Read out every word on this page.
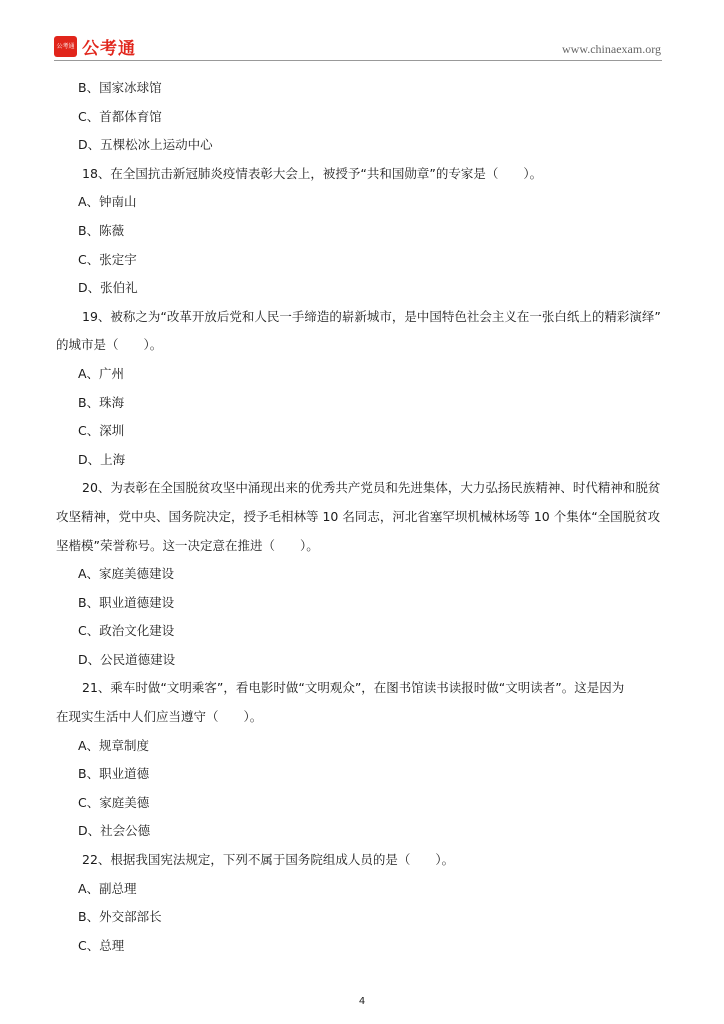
公考通 公考通	www.chinaexam.org
B、国家冰球馆
C、首都体育馆
D、五棵松冰上运动中心
18、在全国抗击新冠肺炎疫情表彰大会上，被授予“共和国勋章”的专家是（　　）。
A、钟南山
B、陈薇
C、张定宇
D、张伯礼
19、被称之为“改革开放后党和人民一手缔造的崭新城市，是中国特色社会主义在一张白纸上的精彩演绎”
的城市是（　　）。
A、广州
B、珠海
C、深圳
D、上海
20、为表彰在全国脱贫攻坚中涌现出来的优秀共产党员和先进集体，大力弘扬民族精神、时代精神和脱贫
攻坚精神，党中央、国务院决定，授予毛相林等 10 名同志，河北省塞罕坝机械林场等 10 个集体“全国脱贫攻
坚楷模”荣誉称号。这一决定意在推进（　　）。
A、家庭美德建设
B、职业道德建设
C、政治文化建设
D、公民道德建设
21、乘车时做“文明乘客”，看电影时做“文明观众”，在图书馆读书读报时做“文明读者”。这是因为
在现实生活中人们应当遵守（　　）。
A、规章制度
B、职业道德
C、家庭美德
D、社会公德
22、根据我国宪法规定，下列不属于国务院组成人员的是（　　）。
A、副总理
B、外交部部长
C、总理
4
